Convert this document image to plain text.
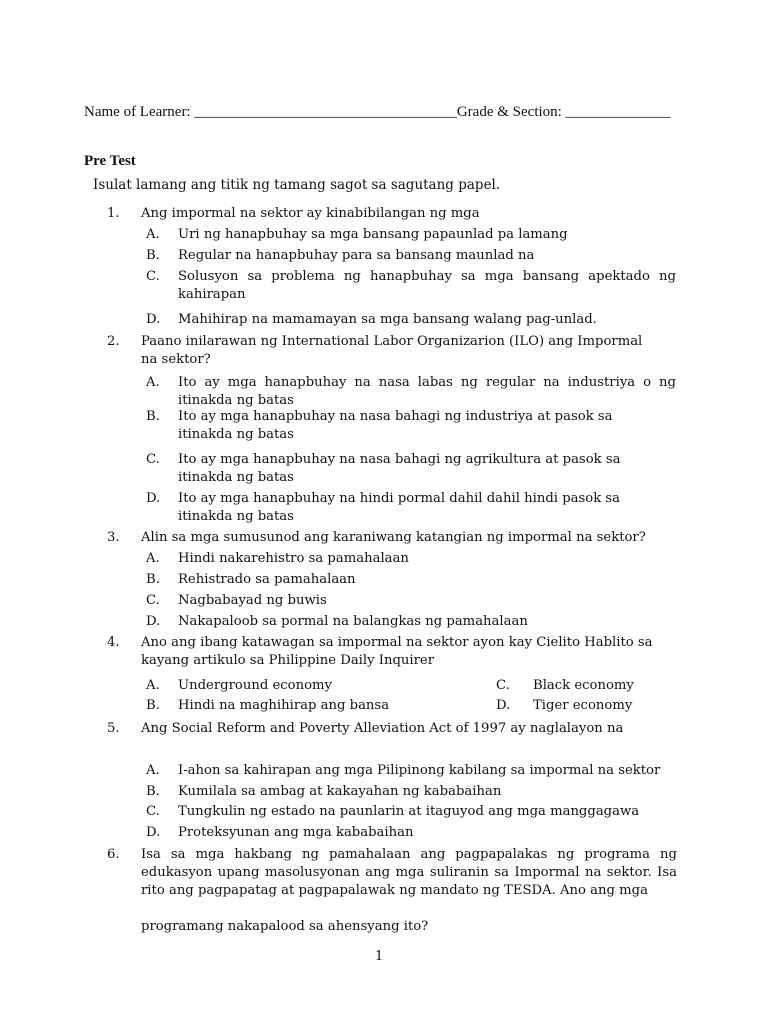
Name of Learner: ___________________________________Grade & Section: ______________
Pre Test
Isulat lamang ang titik ng tamang sagot sa sagutang papel.
1.	Ang impormal na sektor ay kinabibilangan ng mga
A. Uri ng hanapbuhay sa mga bansang papaunlad pa lamang
B. Regular na hanapbuhay para sa bansang maunlad na
C. Solusyon sa problema ng hanapbuhay sa mga bansang apektado ng kahirapan
D. Mahihirap na mamamayan sa mga bansang walang pag-unlad.
2.	Paano inilarawan ng International Labor Organizarion (ILO) ang Impormal na sektor?
A. Ito ay mga hanapbuhay na nasa labas ng regular na industriya o ng itinakda ng batas
B. Ito ay mga hanapbuhay na nasa bahagi ng industriya at pasok sa itinakda ng batas
C. Ito ay mga hanapbuhay na nasa bahagi ng agrikultura at pasok sa itinakda ng batas
D. Ito ay mga hanapbuhay na hindi pormal dahil dahil hindi pasok sa itinakda ng batas
3.	Alin sa mga sumusunod ang karaniwang katangian ng impormal na sektor?
A. Hindi nakarehistro sa pamahalaan
B. Rehistrado sa pamahalaan
C. Nagbabayad ng buwis
D. Nakapaloob sa pormal na balangkas ng pamahalaan
4.	Ano ang ibang katawagan sa impormal na sektor ayon kay Cielito Hablito sa kayang artikulo sa Philippine Daily Inquirer
A. Underground economy
B. Hindi na maghihirap ang bansa
C. Black economy
D. Tiger economy
5.	Ang Social Reform and Poverty Alleviation Act of 1997 ay naglalayon na
A. I-ahon sa kahirapan ang mga Pilipinong kabilang sa impormal na sektor
B. Kumilala sa ambag at kakayahan ng kababaihan
C. Tungkulin ng estado na paunlarin at itaguyod ang mga manggagawa
D. Proteksyunan ang mga kababaihan
6.	Isa sa mga hakbang ng pamahalaan ang pagpapalakas ng programa ng edukasyon upang masolusyonan ang mga suliranin sa Impormal na sektor. Isa rito ang pagpapatag at pagpapalawak ng mandato ng TESDA. Ano ang mga
programang nakapalood sa ahensyang ito?
1
